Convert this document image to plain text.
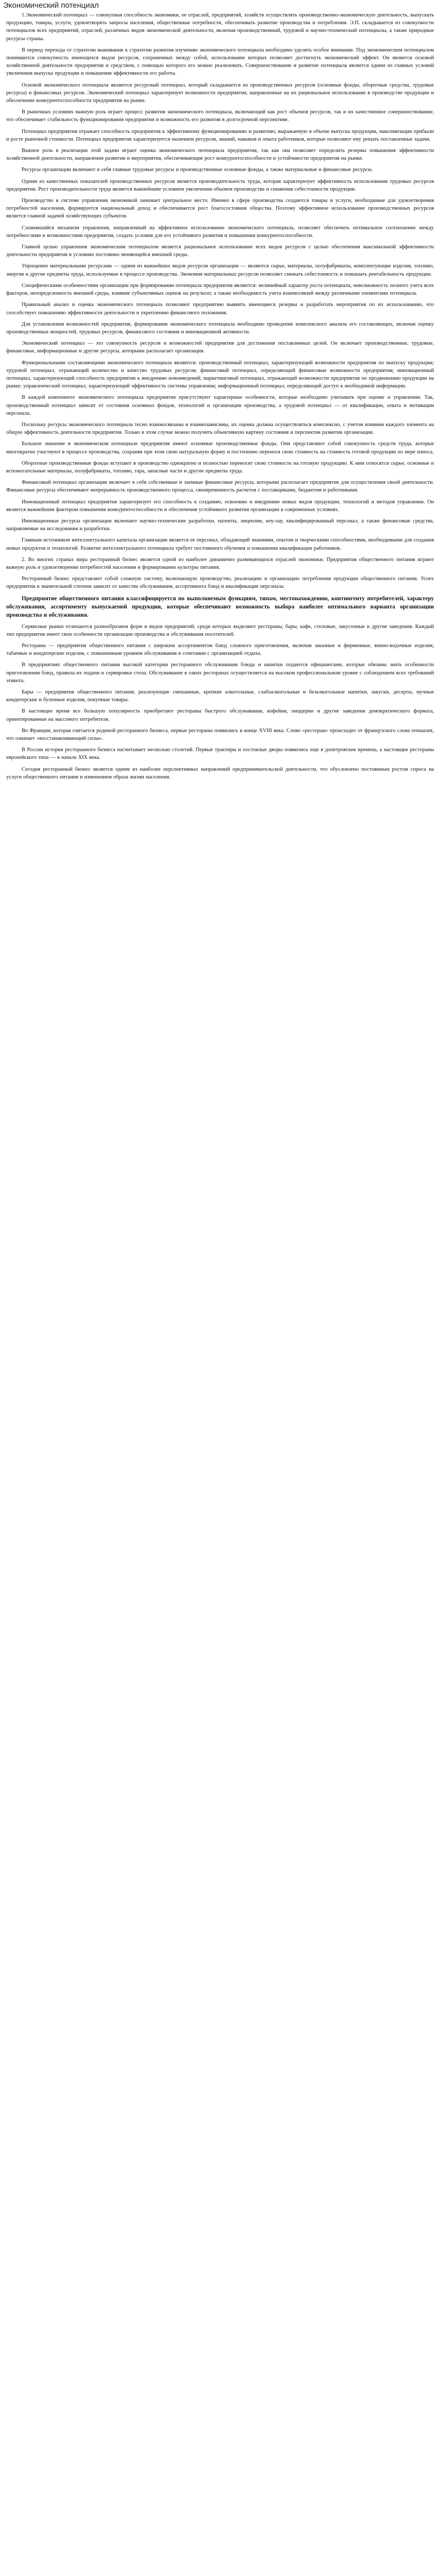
Экономический потенциал

1.Экономический потенциал — совокупная способность экономики, ее отраслей, предприятий, хозяйств осуществлять производственно-экономическую деятельность, выпускать продукцию, товары, услуги, удовлетворять запросы населения, общественные потребности, обеспечивать развитие производства и потребления. Э.П. складывается из совокупности потенциалов всех предприятий, отраслей, различных видов экономической деятельности, включая производственный, трудовой и научно-технический потенциалы, а также природные ресурсы страны.

В период перехода от стратегии выживания к стратегии развития изучению экономического потенциала необходимо уделять особое внимание. Под экономическим потенциалом понимаются совокупность имеющихся видов ресурсов, сохраненных между собой, использование которых позволяет достигнуть экономический эффект. Он является основой хозяйственной деятельности предприятия и средством, с помощью которого его можно реализовать. Совершенствование и развитие потенциала является одним из главных условий увеличения выпуска продукции и повышения эффективности его работы.

Основой экономического потенциала являются ресурсный потенциал, который складывается из производственных ресурсов (основные фонды, оборотные средства, трудовые ресурсы) и финансовых ресурсов. Экономический потенциал характеризует возможности предприятия, направленные на их рациональное использование в производстве продукции и обеспечение конкурентоспособности предприятия на рынке.

В рыночных условиях важную роль играет процесс развития экономического потенциала, включающий как рост объемов ресурсов, так и их качественное совершенствование, что обеспечивает стабильность функционирования предприятия и возможность его развития в долгосрочной перспективе.

Потенциал предприятия отражает способность предприятия к эффективному функционированию и развитию, выражаемую в объеме выпуска продукции, максимизации прибыли и росте рыночной стоимости. Потенциал предприятия характеризуется наличием ресурсов, знаний, навыков и опыта работников, которые позволяют ему решать поставленные задачи.

Важное роль в реализации этой задачи играет оценка экономического потенциала предприятия, так как она позволяет определить резервы повышения эффективности хозяйственной деятельности, направления развития и мероприятия, обеспечивающие рост конкурентоспособности и устойчивости предприятия на рынке.

Ресурсы организации включают в себя главные трудовые ресурсы и производственные основные фонды, а также материальные и финансовые ресурсы.

Одним из качественных показателей производственных ресурсов является производительность труда, которая характеризует эффективность использования трудовых ресурсов предприятия. Рост производительности труда является важнейшим условием увеличения объемов производства и снижения себестоимости продукции.

Производство в системе управления экономикой занимает центральное место. Именно в сфере производства создаются товары и услуги, необходимые для удовлетворения потребностей населения, формируется национальный доход и обеспечивается рост благосостояния общества. Поэтому эффективное использование производственных ресурсов является главной задачей хозяйствующих субъектов.

Сложившийся механизм управления, направленный на эффективное использование экономического потенциала, позволяет обеспечить оптимальное соотношение между потребностями и возможностями предприятия, создать условия для его устойчивого развития и повышения конкурентоспособности.

Главной целью управления экономическим потенциалом является рациональное использование всех видов ресурсов с целью обеспечения максимальной эффективности деятельности предприятия в условиях постоянно меняющейся внешней среды.

Упрощенно материальными ресурсами — одним из важнейших видов ресурсов организации — являются сырье, материалы, полуфабрикаты, комплектующие изделия, топливо, энергия и другие предметы труда, используемые в процессе производства. Экономия материальных ресурсов позволяет снижать себестоимость и повышать рентабельность продукции.

Специфическими особенностями организации при формировании потенциала предприятия являются: нелинейный характер роста потенциала, невозможность полного учета всех факторов, неопределенность внешней среды, влияние субъективных оценок на результат, а также необходимость учета взаимосвязей между различными элементами потенциала.

Правильный анализ и оценка экономического потенциала позволяют предприятию выявить имеющиеся резервы и разработать мероприятия по их использованию, что способствует повышению эффективности деятельности и укреплению финансового положения.

Для установления возможностей предприятия, формирования экономического потенциала необходимо проведение комплексного анализа его составляющих, включая оценку производственных мощностей, трудовых ресурсов, финансового состояния и инновационной активности.

Экономический потенциал — это совокупность ресурсов и возможностей предприятия для достижения поставленных целей. Он включает производственные, трудовые, финансовые, информационные и другие ресурсы, которыми располагает организация.

Функциональными составляющими экономического потенциала являются: производственный потенциал, характеризующий возможности предприятия по выпуску продукции; трудовой потенциал, отражающий количество и качество трудовых ресурсов; финансовый потенциал, определяющий финансовые возможности предприятия; инновационный потенциал, характеризующий способность предприятия к внедрению нововведений; маркетинговый потенциал, отражающий возможности предприятия по продвижению продукции на рынке; управленческий потенциал, характеризующий эффективность системы управления; информационный потенциал, определяющий доступ к необходимой информации.

В каждой компоненте экономического потенциала предприятия присутствуют характерные особенности, которые необходимо учитывать при оценке и управлении. Так, производственный потенциал зависит от состояния основных фондов, технологий и организации производства, а трудовой потенциал — от квалификации, опыта и мотивации персонала.

Поскольку ресурсы экономического потенциала тесно взаимосвязаны и взаимозависимы, их оценка должна осуществляться комплексно, с учетом влияния каждого элемента на общую эффективность деятельности предприятия. Только в этом случае можно получить объективную картину состояния и перспектив развития организации.

Большое значение в экономическом потенциале предприятия имеют основные производственные фонды. Они представляют собой совокупность средств труда, которые многократно участвуют в процессе производства, сохраняя при этом свою натуральную форму и постепенно перенося свою стоимость на стоимость готовой продукции по мере износа.

Оборотные производственные фонды вступают в производство однократно и полностью переносят свою стоимость на готовую продукцию. К ним относятся сырье, основные и вспомогательные материалы, полуфабрикаты, топливо, тара, запасные части и другие предметы труда.

Финансовый потенциал организации включает в себя собственные и заемные финансовые ресурсы, которыми располагает предприятие для осуществления своей деятельности. Финансовые ресурсы обеспечивают непрерывность производственного процесса, своевременность расчетов с поставщиками, бюджетом и работниками.

Инновационный потенциал предприятия характеризует его способность к созданию, освоению и внедрению новых видов продукции, технологий и методов управления. Он является важнейшим фактором повышения конкурентоспособности и обеспечения устойчивого развития организации в современных условиях.

Инновационные ресурсы организации включают научно-технические разработки, патенты, лицензии, ноу-хау, квалифицированный персонал, а также финансовые средства, направляемые на исследования и разработки.

Главным источником интеллектуального капитала организации является ее персонал, обладающий знаниями, опытом и творческими способностями, необходимыми для создания новых продуктов и технологий. Развитие интеллектуального потенциала требует постоянного обучения и повышения квалификации работников.

2. Во многих странах мира ресторанный бизнес является одной из наиболее динамично развивающихся отраслей экономики. Предприятия общественного питания играют важную роль в удовлетворении потребностей населения и формировании культуры питания.

Ресторанный бизнес представляет собой сложную систему, включающую производство, реализацию и организацию потребления продукции общественного питания. Успех предприятия в значительной степени зависит от качества обслуживания, ассортимента блюд и квалификации персонала.

Предприятие общественного питания классифицируется по выполняемым функциям, типам, местонахождению, контингенту потребителей, характеру обслуживания, ассортименту выпускаемой продукции, которые обеспечивают возможность выбора наиболее оптимального варианта организации производства и обслуживания.

Сервисные рынки отличаются разнообразием форм и видов предприятий, среди которых выделяют рестораны, бары, кафе, столовые, закусочные и другие заведения. Каждый тип предприятия имеет свои особенности организации производства и обслуживания посетителей.

Рестораны — предприятия общественного питания с широким ассортиментом блюд сложного приготовления, включая заказные и фирменные, винно-водочные изделия, табачные и кондитерские изделия, с повышенным уровнем обслуживания в сочетании с организацией отдыха.

В предприятиях общественного питания высокой категории ресторанного обслуживания блюда и напитки подаются официантами, которые обязаны знать особенности приготовления блюд, правила их подачи и сервировки стола. Обслуживание в таких ресторанах осуществляется на высоком профессиональном уровне с соблюдением всех требований этикета.

Бары — предприятия общественного питания, реализующие смешанные, крепкие алкогольные, слабоалкогольные и безалкогольные напитки, закуски, десерты, мучные кондитерские и булочные изделия, покупные товары.

В настоящее время все большую популярность приобретают рестораны быстрого обслуживания, кофейни, пиццерии и другие заведения демократического формата, ориентированные на массового потребителя.

Во Франции, которая считается родиной ресторанного бизнеса, первые рестораны появились в конце XVIII века. Слово «ресторан» происходит от французского слова restaurant, что означает «восстанавливающий силы».

В России история ресторанного бизнеса насчитывает несколько столетий. Первые трактиры и постоялые дворы появились еще в допетровские времена, а настоящие рестораны европейского типа — в начале XIX века.

Сегодня ресторанный бизнес является одним из наиболее перспективных направлений предпринимательской деятельности, что обусловлено постоянным ростом спроса на услуги общественного питания и изменением образа жизни населения.
